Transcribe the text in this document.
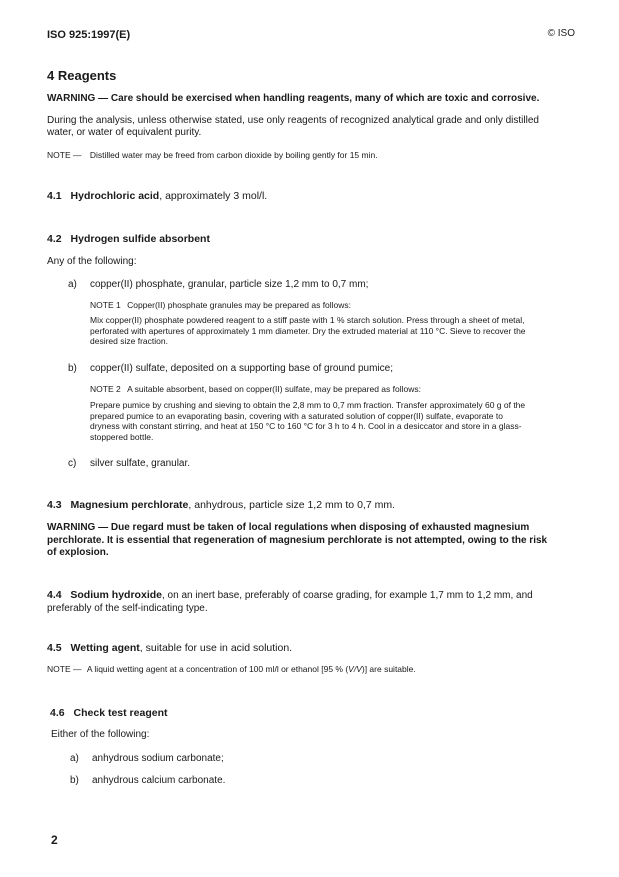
ISO 925:1997(E)	© ISO
4 Reagents
WARNING — Care should be exercised when handling reagents, many of which are toxic and corrosive.
During the analysis, unless otherwise stated, use only reagents of recognized analytical grade and only distilled
water, or water of equivalent purity.
NOTE — Distilled water may be freed from carbon dioxide by boiling gently for 15 min.
4.1 Hydrochloric acid, approximately 3 mol/l.
4.2 Hydrogen sulfide absorbent
Any of the following:
a)	copper(II) phosphate, granular, particle size 1,2 mm to 0,7 mm;
NOTE 1 Copper(II) phosphate granules may be prepared as follows:
Mix copper(II) phosphate powdered reagent to a stiff paste with 1 % starch solution. Press through a sheet of metal,
perforated with apertures of approximately 1 mm diameter. Dry the extruded material at 110 °C. Sieve to recover the
desired size fraction.
b)	copper(II) sulfate, deposited on a supporting base of ground pumice;
NOTE 2 A suitable absorbent, based on copper(II) sulfate, may be prepared as follows:
Prepare pumice by crushing and sieving to obtain the 2,8 mm to 0,7 mm fraction. Transfer approximately 60 g of the
prepared pumice to an evaporating basin, covering with a saturated solution of copper(II) sulfate, evaporate to
dryness with constant stirring, and heat at 150 °C to 160 °C for 3 h to 4 h. Cool in a desiccator and store in a glass-
stoppered bottle.
c)	silver sulfate, granular.
4.3 Magnesium perchlorate, anhydrous, particle size 1,2 mm to 0,7 mm.
WARNING — Due regard must be taken of local regulations when disposing of exhausted magnesium
perchlorate. It is essential that regeneration of magnesium perchlorate is not attempted, owing to the risk
of explosion.
4.4 Sodium hydroxide, on an inert base, preferably of coarse grading, for example 1,7 mm to 1,2 mm, and
preferably of the self-indicating type.
4.5 Wetting agent, suitable for use in acid solution.
NOTE — A liquid wetting agent at a concentration of 100 ml/l or ethanol [95 % (V/V)] are suitable.
4.6 Check test reagent
Either of the following:
a)	anhydrous sodium carbonate;
b)	anhydrous calcium carbonate.
2
